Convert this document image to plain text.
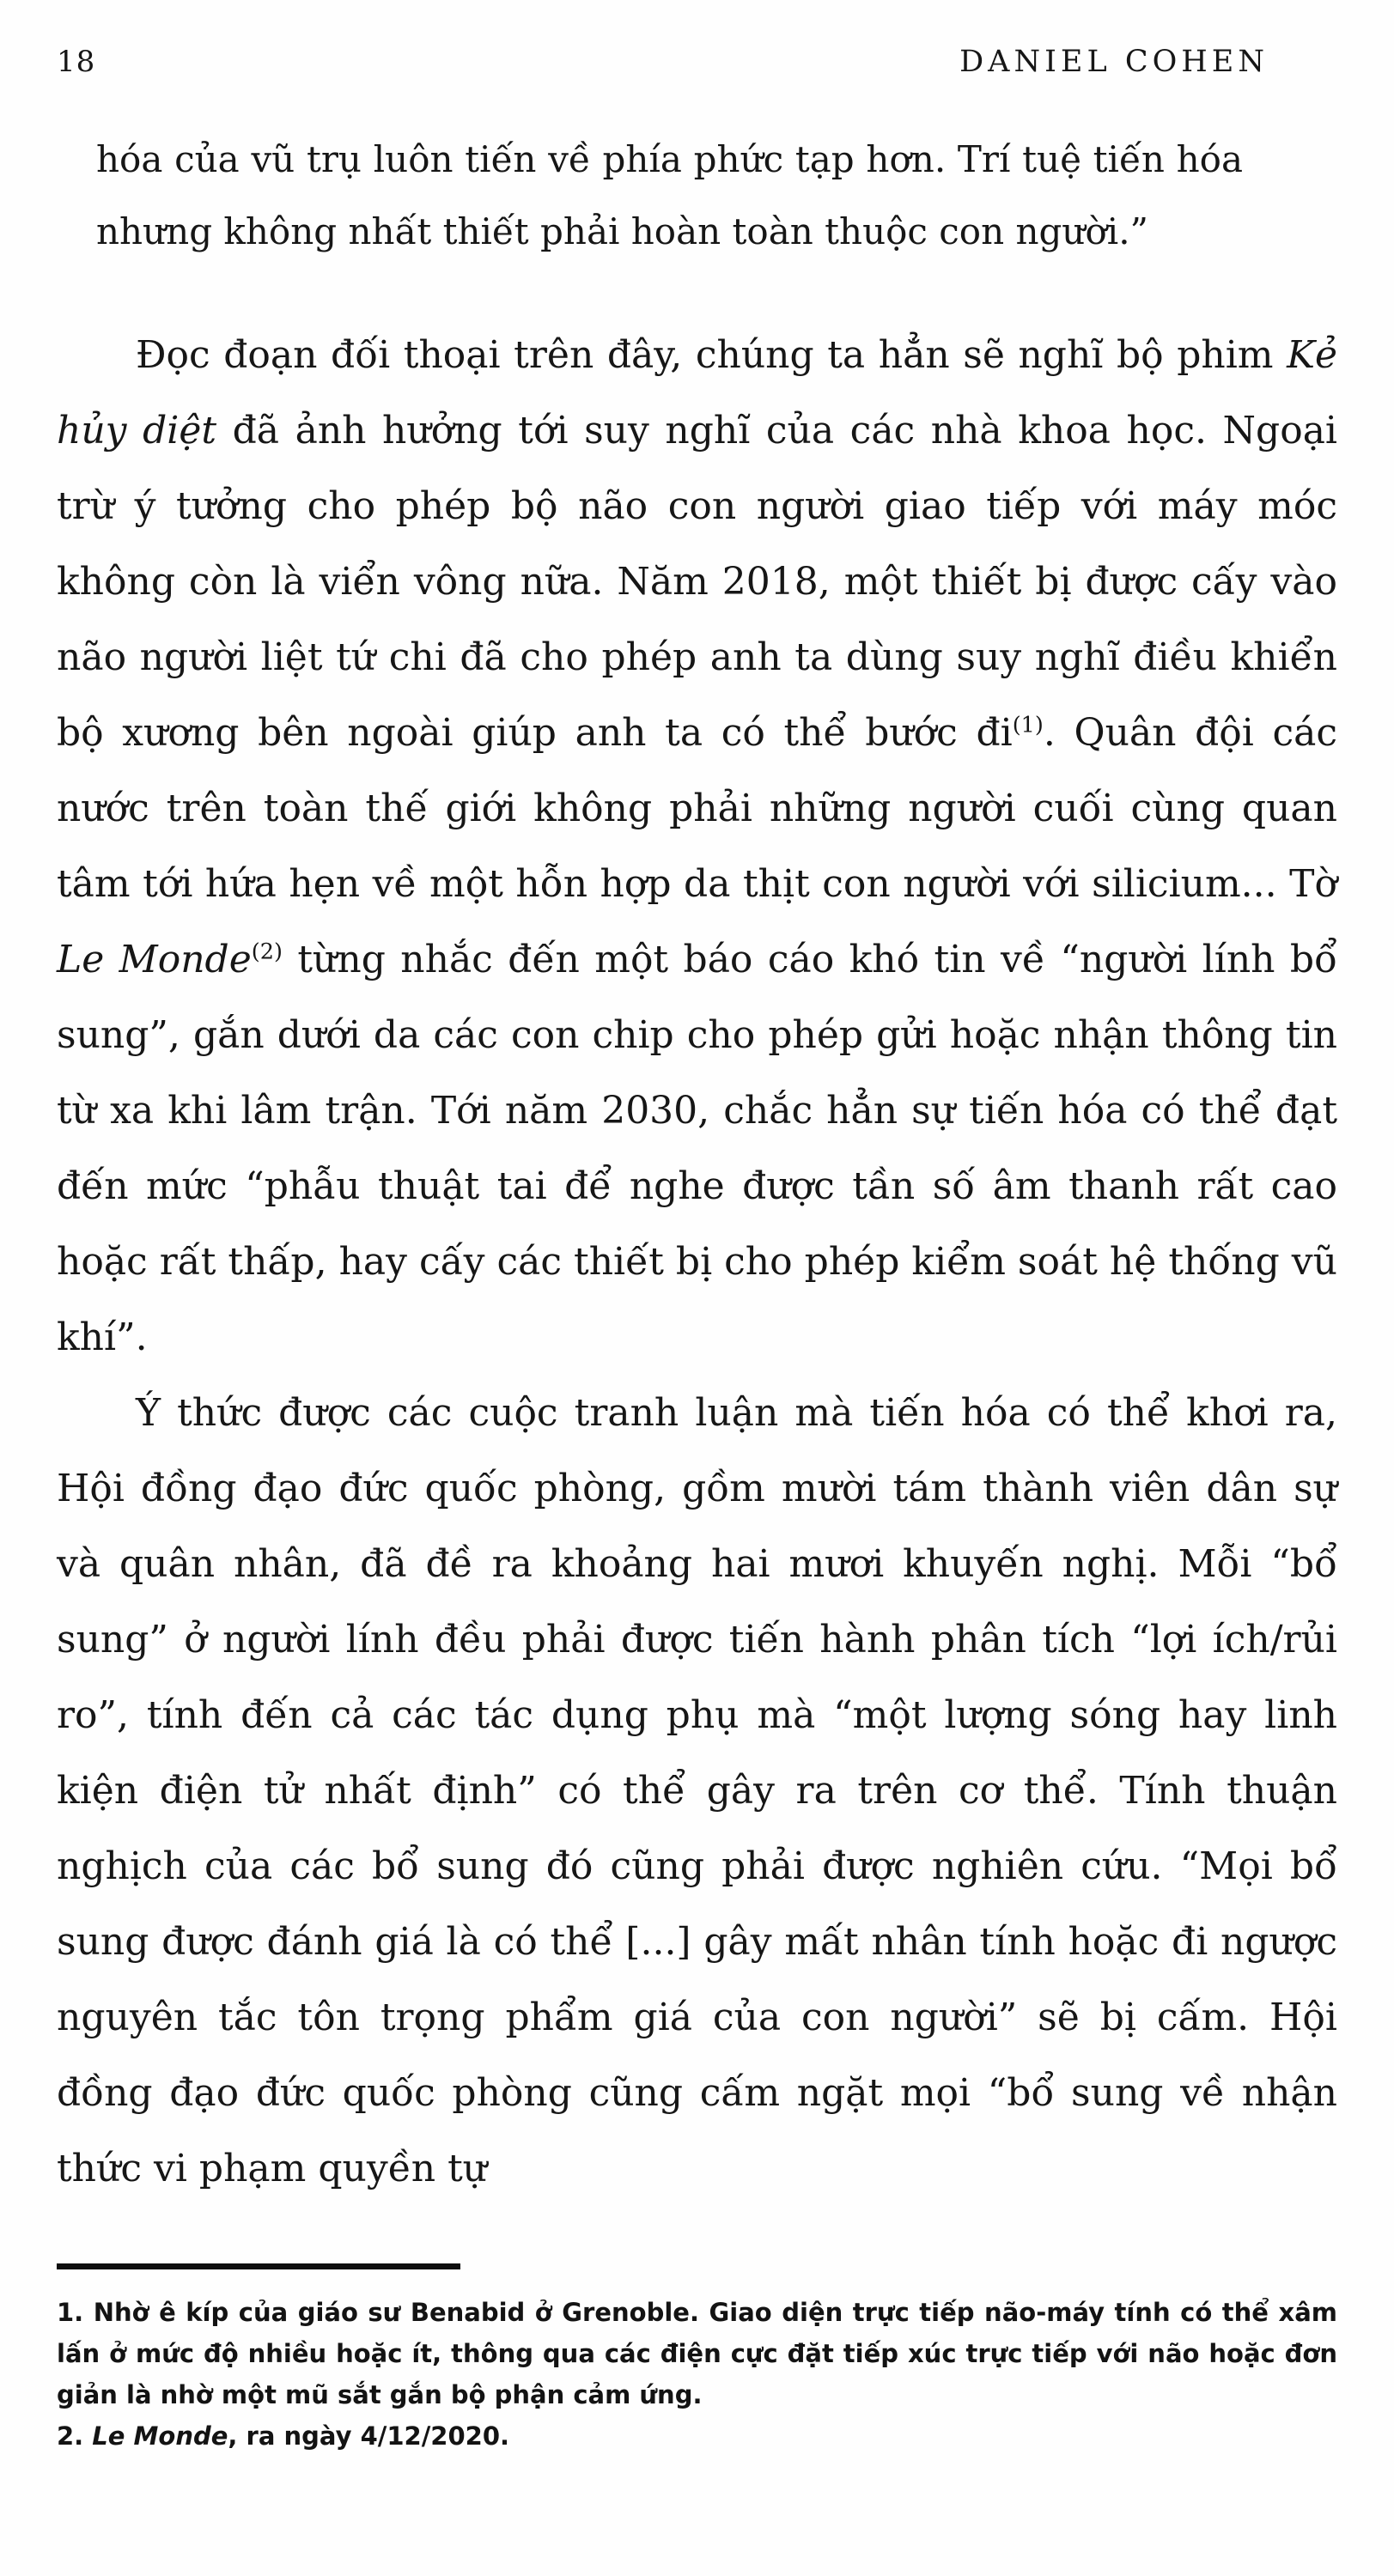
18	DANIEL COHEN
hóa của vũ trụ luôn tiến về phía phức tạp hơn. Trí tuệ tiến hóa nhưng không nhất thiết phải hoàn toàn thuộc con người.”

Đọc đoạn đối thoại trên đây, chúng ta hẳn sẽ nghĩ bộ phim Kẻ hủy diệt đã ảnh hưởng tới suy nghĩ của các nhà khoa học. Ngoại trừ ý tưởng cho phép bộ não con người giao tiếp với máy móc không còn là viển vông nữa. Năm 2018, một thiết bị được cấy vào não người liệt tứ chi đã cho phép anh ta dùng suy nghĩ điều khiển bộ xương bên ngoài giúp anh ta có thể bước $đi^{(1)}$. Quân đội các nước trên toàn thế giới không phải những người cuối cùng quan tâm tới hứa hẹn về một hỗn hợp da thịt con người với silicium... Tờ Le Monde$^{(2)}$ từng nhắc đến một báo cáo khó tin về “người lính bổ sung”, gắn dưới da các con chip cho phép gửi hoặc nhận thông tin từ xa khi lâm trận. Tới năm 2030, chắc hẳn sự tiến hóa có thể đạt đến mức “phẫu thuật tai để nghe được tần số âm thanh rất cao hoặc rất thấp, hay cấy các thiết bị cho phép kiểm soát hệ thống vũ khí”.

Ý thức được các cuộc tranh luận mà tiến hóa có thể khơi ra, Hội đồng đạo đức quốc phòng, gồm mười tám thành viên dân sự và quân nhân, đã đề ra khoảng hai mươi khuyến nghị. Mỗi “bổ sung” ở người lính đều phải được tiến hành phân tích “lợi ích/rủi ro”, tính đến cả các tác dụng phụ mà “một lượng sóng hay linh kiện điện tử nhất định” có thể gây ra trên cơ thể. Tính thuận nghịch của các bổ sung đó cũng phải được nghiên cứu. “Mọi bổ sung được đánh giá là có thể [...] gây mất nhân tính hoặc đi ngược nguyên tắc tôn trọng phẩm giá của con người” sẽ bị cấm. Hội đồng đạo đức quốc phòng cũng cấm ngặt mọi “bổ sung về nhận thức vi phạm quyền tự

1. Nhờ ê kíp của giáo sư Benabid ở Grenoble. Giao diện trực tiếp não-máy tính có thể xâm lấn ở mức độ nhiều hoặc ít, thông qua các điện cực đặt tiếp xúc trực tiếp với não hoặc đơn giản là nhờ một mũ sắt gắn bộ phận cảm ứng.

2. Le Monde, ra ngày 4/12/2020.
